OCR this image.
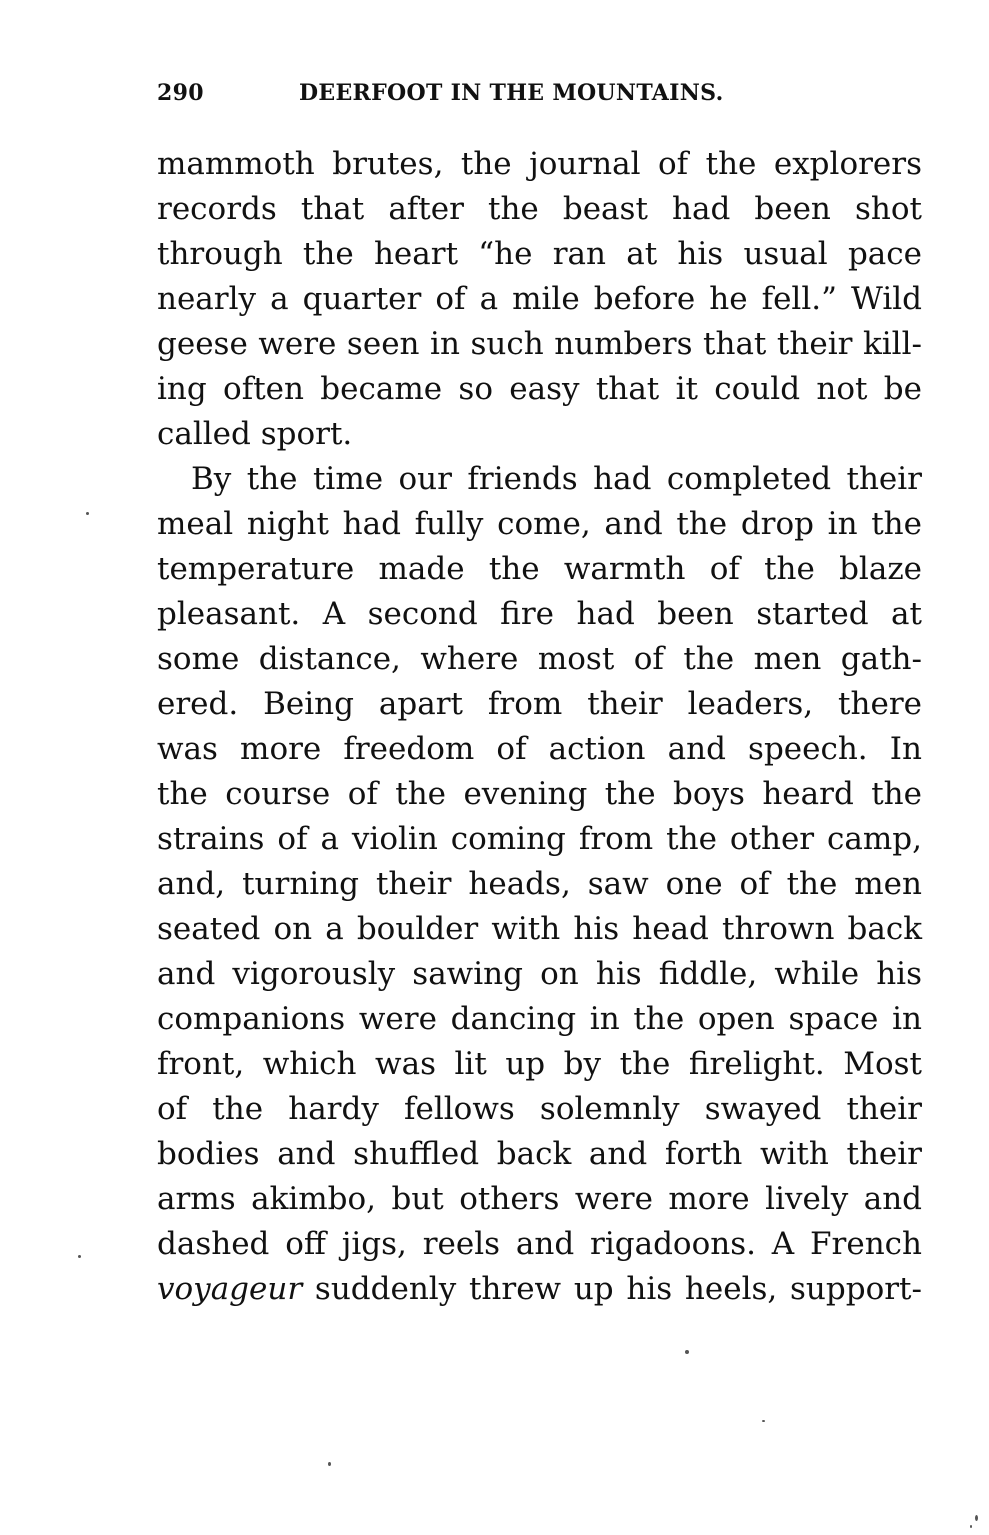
290	DEERFOOT IN THE MOUNTAINS.
mammoth brutes, the journal of the explorers
records that after the beast had been shot
through the heart “he ran at his usual pace
nearly a quarter of a mile before he fell.” Wild
geese were seen in such numbers that their kill-
ing often became so easy that it could not be
called sport.
By the time our friends had completed their
meal night had fully come, and the drop in the
temperature made the warmth of the blaze
pleasant. A second fire had been started at
some distance, where most of the men gath-
ered. Being apart from their leaders, there
was more freedom of action and speech. In
the course of the evening the boys heard the
strains of a violin coming from the other camp,
and, turning their heads, saw one of the men
seated on a boulder with his head thrown back
and vigorously sawing on his fiddle, while his
companions were dancing in the open space in
front, which was lit up by the firelight. Most
of the hardy fellows solemnly swayed their
bodies and shuffled back and forth with their
arms akimbo, but others were more lively and
dashed off jigs, reels and rigadoons. A French
voyageur suddenly threw up his heels, support-
